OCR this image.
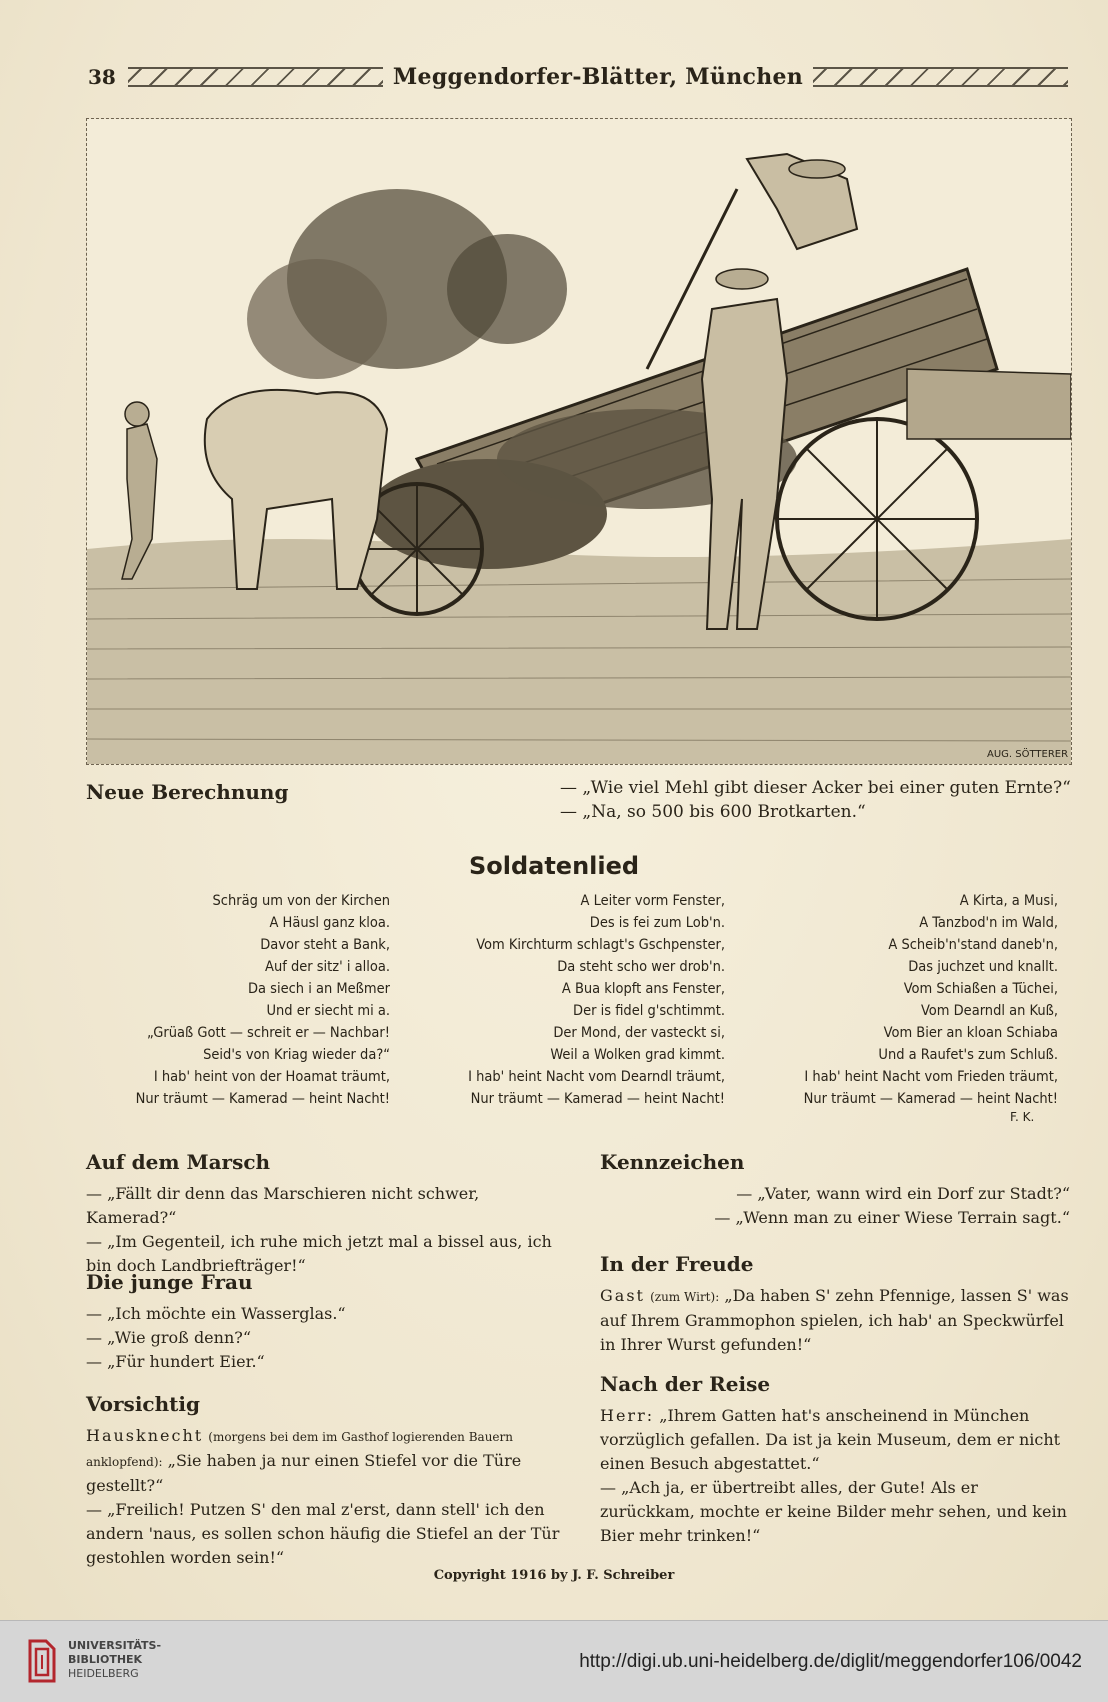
38	Meggendorfer-Blätter, München
AUG. SÖTTERER
Neue Berechnung	— „Wie viel Mehl gibt dieser Acker bei einer guten Ernte?“
— „Na, so 500 bis 600 Brotkarten.“
Soldatenlied
Schräg um von der Kirchen
A Häusl ganz kloa.
Davor steht a Bank,
Auf der sitz' i alloa.
Da siech i an Meßmer
Und er siecht mi a.
„Grüaß Gott — schreit er — Nachbar!
Seid's von Kriag wieder da?“
I hab' heint von der Hoamat träumt,
Nur träumt — Kamerad — heint Nacht!
A Leiter vorm Fenster,
Des is fei zum Lob'n.
Vom Kirchturm schlagt's Gschpenster,
Da steht scho wer drob'n.
A Bua klopft ans Fenster,
Der is fidel g'schtimmt.
Der Mond, der vasteckt si,
Weil a Wolken grad kimmt.
I hab' heint Nacht vom Dearndl träumt,
Nur träumt — Kamerad — heint Nacht!
A Kirta, a Musi,
A Tanzbod'n im Wald,
A Scheib'n'stand daneb'n,
Das juchzet und knallt.
Vom Schiaßen a Tüchei,
Vom Dearndl an Kuß,
Vom Bier an kloan Schiaba
Und a Raufet's zum Schluß.
I hab' heint Nacht vom Frieden träumt,
Nur träumt — Kamerad — heint Nacht!
F. K.
Auf dem Marsch
— „Fällt dir denn das Marschieren nicht schwer, Kamerad?“
— „Im Gegenteil, ich ruhe mich jetzt mal a bissel aus, ich bin doch Landbriefträger!“
Die junge Frau
— „Ich möchte ein Wasserglas.“
— „Wie groß denn?“
— „Für hundert Eier.“
Vorsichtig
Hausknecht (morgens bei dem im Gasthof logierenden Bauern anklopfend): „Sie haben ja nur einen Stiefel vor die Türe gestellt?“
— „Freilich! Putzen S' den mal z'erst, dann stell' ich den andern 'naus, es sollen schon häufig die Stiefel an der Tür gestohlen worden sein!“
Kennzeichen
— „Vater, wann wird ein Dorf zur Stadt?“
— „Wenn man zu einer Wiese Terrain sagt.“
In der Freude
Gast (zum Wirt): „Da haben S' zehn Pfennige, lassen S' was auf Ihrem Grammophon spielen, ich hab' an Speckwürfel in Ihrer Wurst gefunden!“
Nach der Reise
Herr: „Ihrem Gatten hat's anscheinend in München vorzüglich gefallen. Da ist ja kein Museum, dem er nicht einen Besuch abgestattet.“
— „Ach ja, er übertreibt alles, der Gute! Als er zurückkam, mochte er keine Bilder mehr sehen, und kein Bier mehr trinken!“
Copyright 1916 by J. F. Schreiber
UNIVERSITÄTS-
BIBLIOTHEK
HEIDELBERG
http://digi.ub.uni-heidelberg.de/diglit/meggendorfer106/0042
